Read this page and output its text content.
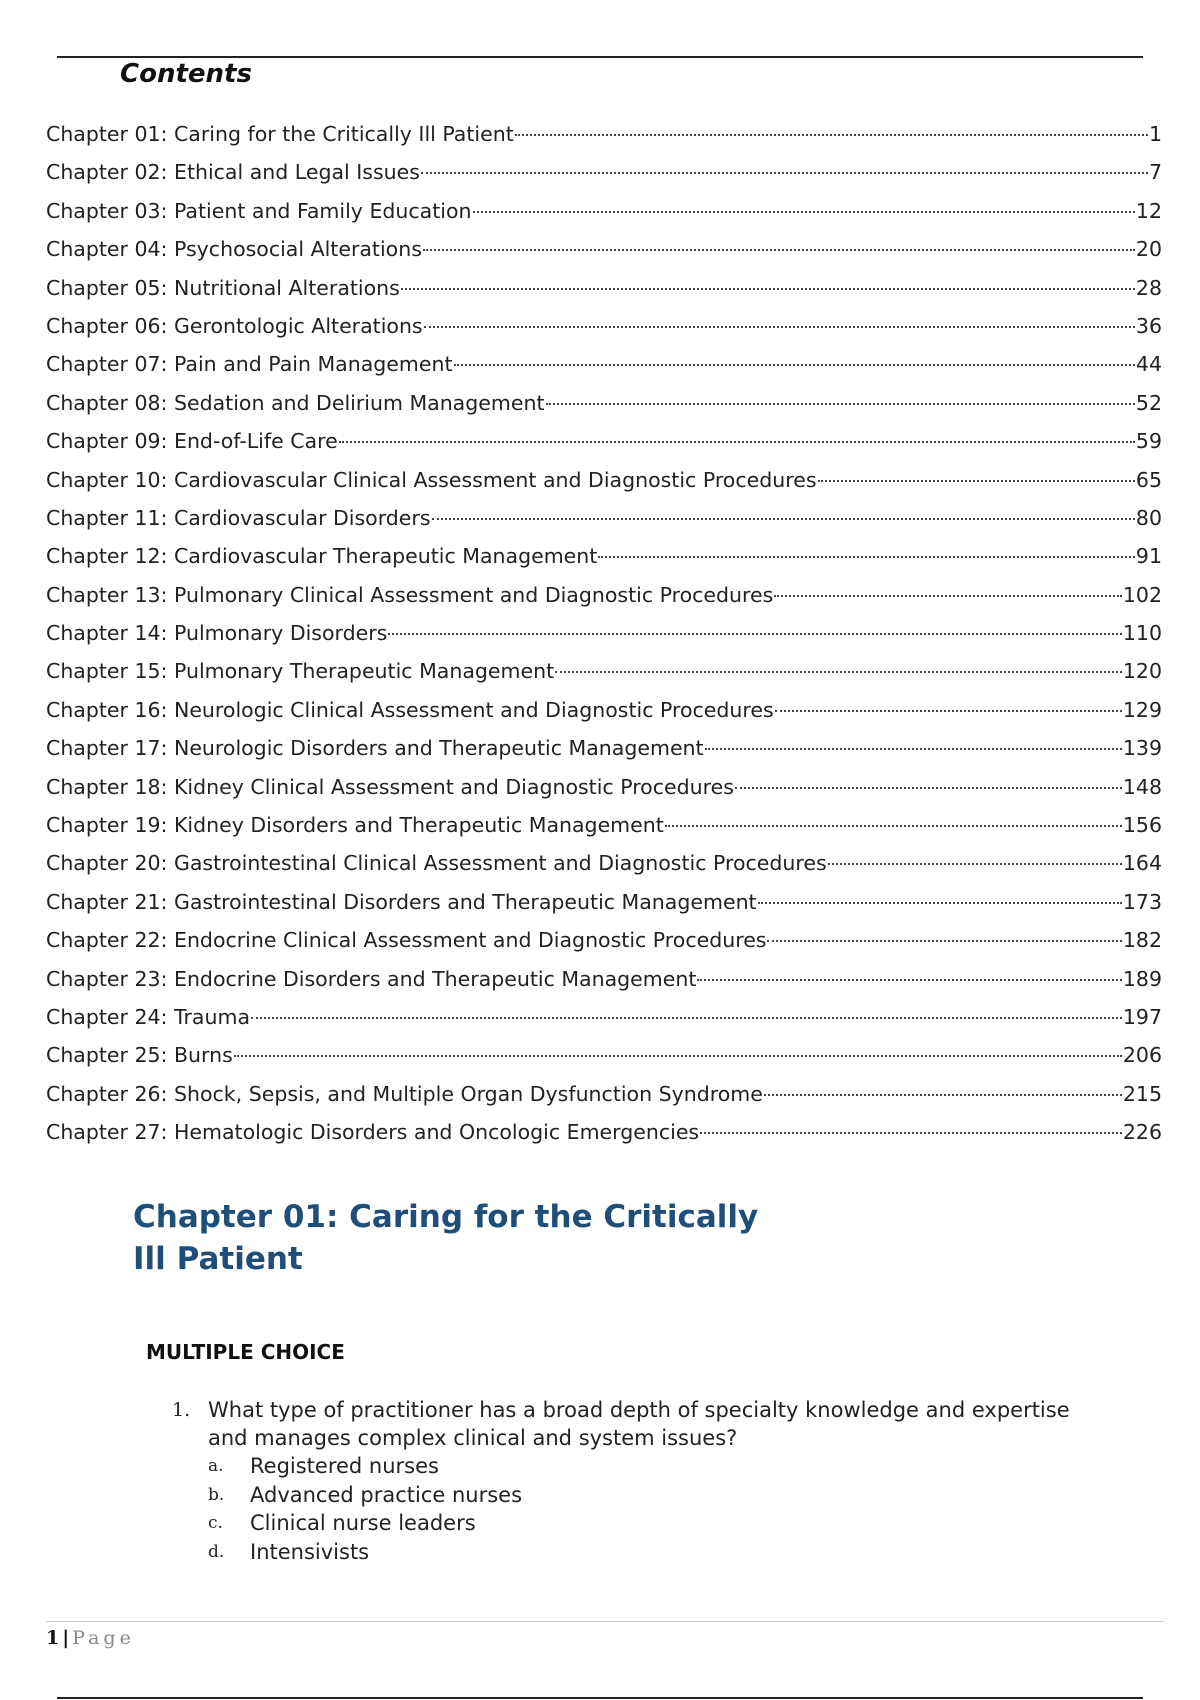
Contents
Chapter 01: Caring for the Critically Ill Patient	1
Chapter 02: Ethical and Legal Issues	7
Chapter 03: Patient and Family Education	12
Chapter 04: Psychosocial Alterations	20
Chapter 05: Nutritional Alterations	28
Chapter 06: Gerontologic Alterations	36
Chapter 07: Pain and Pain Management	44
Chapter 08: Sedation and Delirium Management	52
Chapter 09: End-of-Life Care	59
Chapter 10: Cardiovascular Clinical Assessment and Diagnostic Procedures	65
Chapter 11: Cardiovascular Disorders	80
Chapter 12: Cardiovascular Therapeutic Management	91
Chapter 13: Pulmonary Clinical Assessment and Diagnostic Procedures	102
Chapter 14: Pulmonary Disorders	110
Chapter 15: Pulmonary Therapeutic Management	120
Chapter 16: Neurologic Clinical Assessment and Diagnostic Procedures	129
Chapter 17: Neurologic Disorders and Therapeutic Management	139
Chapter 18: Kidney Clinical Assessment and Diagnostic Procedures	148
Chapter 19: Kidney Disorders and Therapeutic Management	156
Chapter 20: Gastrointestinal Clinical Assessment and Diagnostic Procedures	164
Chapter 21: Gastrointestinal Disorders and Therapeutic Management	173
Chapter 22: Endocrine Clinical Assessment and Diagnostic Procedures	182
Chapter 23: Endocrine Disorders and Therapeutic Management	189
Chapter 24: Trauma	197
Chapter 25: Burns	206
Chapter 26: Shock, Sepsis, and Multiple Organ Dysfunction Syndrome	215
Chapter 27: Hematologic Disorders and Oncologic Emergencies	226
Chapter 01: Caring for the Critically Ill Patient
MULTIPLE CHOICE
1. What type of practitioner has a broad depth of specialty knowledge and expertise and manages complex clinical and system issues?
a.	Registered nurses
b.	Advanced practice nurses
c.	Clinical nurse leaders
d.	Intensivists
1 | Page
